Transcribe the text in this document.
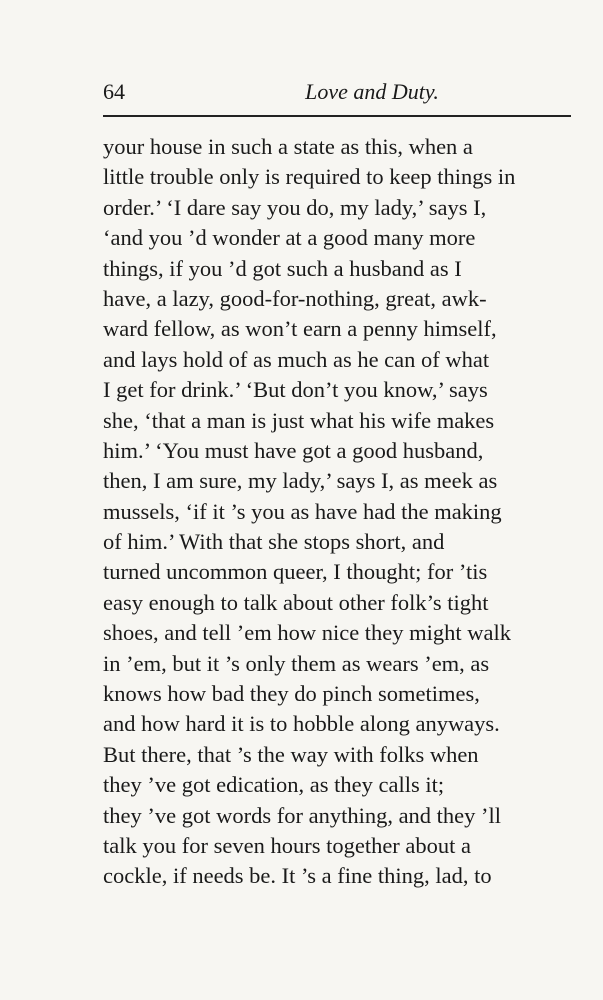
64	Love and Duty.
your house in such a state as this, when a
little trouble only is required to keep things in
order.’ ‘I dare say you do, my lady,’ says I,
‘and you ’d wonder at a good many more
things, if you ’d got such a husband as I
have, a lazy, good-for-nothing, great, awk-
ward fellow, as won’t earn a penny himself,
and lays hold of as much as he can of what
I get for drink.’ ‘But don’t you know,’ says
she, ‘that a man is just what his wife makes
him.’ ‘You must have got a good husband,
then, I am sure, my lady,’ says I, as meek as
mussels, ‘if it ’s you as have had the making
of him.’ With that she stops short, and
turned uncommon queer, I thought; for ’tis
easy enough to talk about other folk’s tight
shoes, and tell ’em how nice they might walk
in ’em, but it ’s only them as wears ’em, as
knows how bad they do pinch sometimes,
and how hard it is to hobble along anyways.
But there, that ’s the way with folks when
they ’ve got edication, as they calls it;
they ’ve got words for anything, and they ’ll
talk you for seven hours together about a
cockle, if needs be. It ’s a fine thing, lad, to
